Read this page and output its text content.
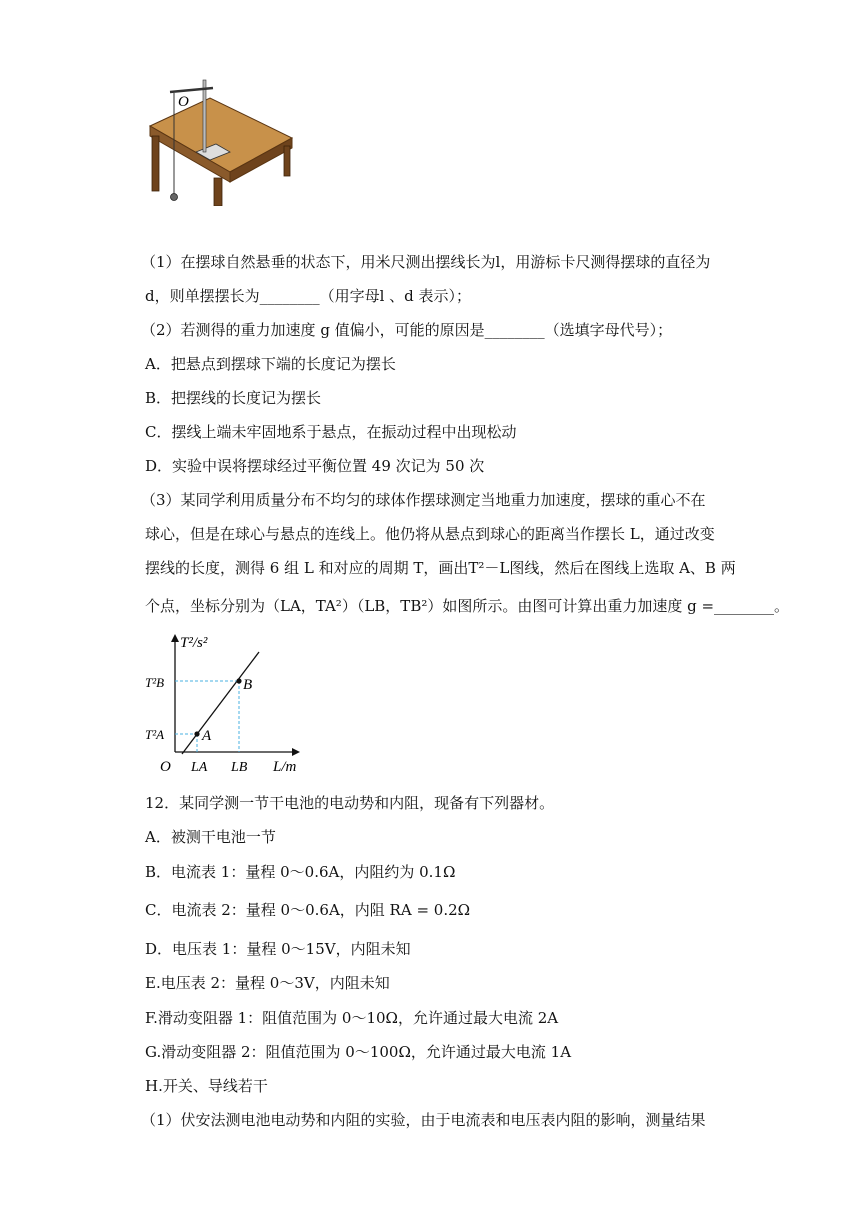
O
（1）在摆球自然悬垂的状态下，用米尺测出摆线长为l，用游标卡尺测得摆球的直径为
d，则单摆摆长为________（用字母l 、d 表示）；
（2）若测得的重力加速度 g 值偏小，可能的原因是________（选填字母代号）；
A．把悬点到摆球下端的长度记为摆长
B．把摆线的长度记为摆长
C．摆线上端未牢固地系于悬点，在振动过程中出现松动
D．实验中误将摆球经过平衡位置 49 次记为 50 次
（3）某同学利用质量分布不均匀的球体作摆球测定当地重力加速度，摆球的重心不在
球心，但是在球心与悬点的连线上。他仍将从悬点到球心的距离当作摆长 L，通过改变
摆线的长度，测得 6 组 L 和对应的周期 T，画出T²－L图线，然后在图线上选取 A、B 两
个点，坐标分别为（LA，TA²）（LB，TB²）如图所示。由图可计算出重力加速度 g =________。
B
A
T²/s²
L/m
O
T²B
T²A
LA LB
12．某同学测一节干电池的电动势和内阻，现备有下列器材。
A．被测干电池一节
B．电流表 1：量程 0～0.6A，内阻约为 0.1Ω
C．电流表 2：量程 0～0.6A，内阻 RA = 0.2Ω
D．电压表 1：量程 0～15V，内阻未知
E.电压表 2：量程 0～3V，内阻未知
F.滑动变阻器 1：阻值范围为 0～10Ω，允许通过最大电流 2A
G.滑动变阻器 2：阻值范围为 0～100Ω，允许通过最大电流 1A
H.开关、导线若干
（1）伏安法测电池电动势和内阻的实验，由于电流表和电压表内阻的影响，测量结果
